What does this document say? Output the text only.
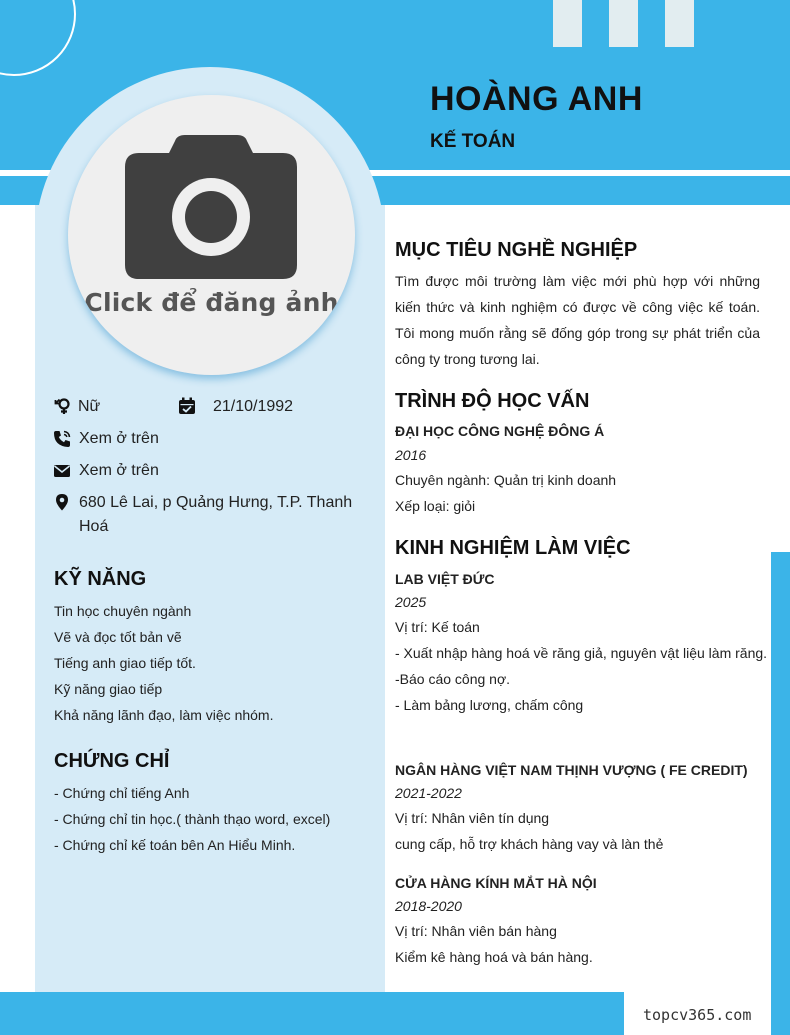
Click để đăng ảnh
HOÀNG ANH
KẾ TOÁN
Nữ	21/10/1992
Xem ở trên
Xem ở trên
680 Lê Lai, p Quảng Hưng, T.P. Thanh
Hoá
KỸ NĂNG
Tin học chuyên ngành
Vẽ và đọc tốt bản vẽ
Tiếng anh giao tiếp tốt.
Kỹ năng giao tiếp
Khả năng lãnh đạo, làm việc nhóm.
CHỨNG CHỈ
- Chứng chỉ tiếng Anh
- Chứng chỉ tin học.( thành thạo word, excel)
- Chứng chỉ kế toán bên An Hiểu Minh.
MỤC TIÊU NGHỀ NGHIỆP
Tìm được môi trường làm việc mới phù hợp với những kiến thức và kinh nghiệm có được về công việc kế toán. Tôi mong muốn rằng sẽ đống góp trong sự phát triển của công ty trong tương lai.
TRÌNH ĐỘ HỌC VẤN
ĐẠI HỌC CÔNG NGHỆ ĐÔNG Á
2016
Chuyên ngành: Quản trị kinh doanh
Xếp loại: giỏi
KINH NGHIỆM LÀM VIỆC
LAB VIỆT ĐỨC
2025
Vị trí: Kế toán
- Xuất nhập hàng hoá về răng giả, nguyên vật liệu làm răng.
-Báo cáo công nợ.
- Làm bảng lương, chấm công
NGÂN HÀNG VIỆT NAM THỊNH VƯỢNG ( FE CREDIT)
2021-2022
Vị trí: Nhân viên tín dụng
cung cấp, hỗ trợ khách hàng vay và làn thẻ
CỬA HÀNG KÍNH MẮT HÀ NỘI
2018-2020
Vị trí: Nhân viên bán hàng
Kiểm kê hàng hoá và bán hàng.
topcv365.com
